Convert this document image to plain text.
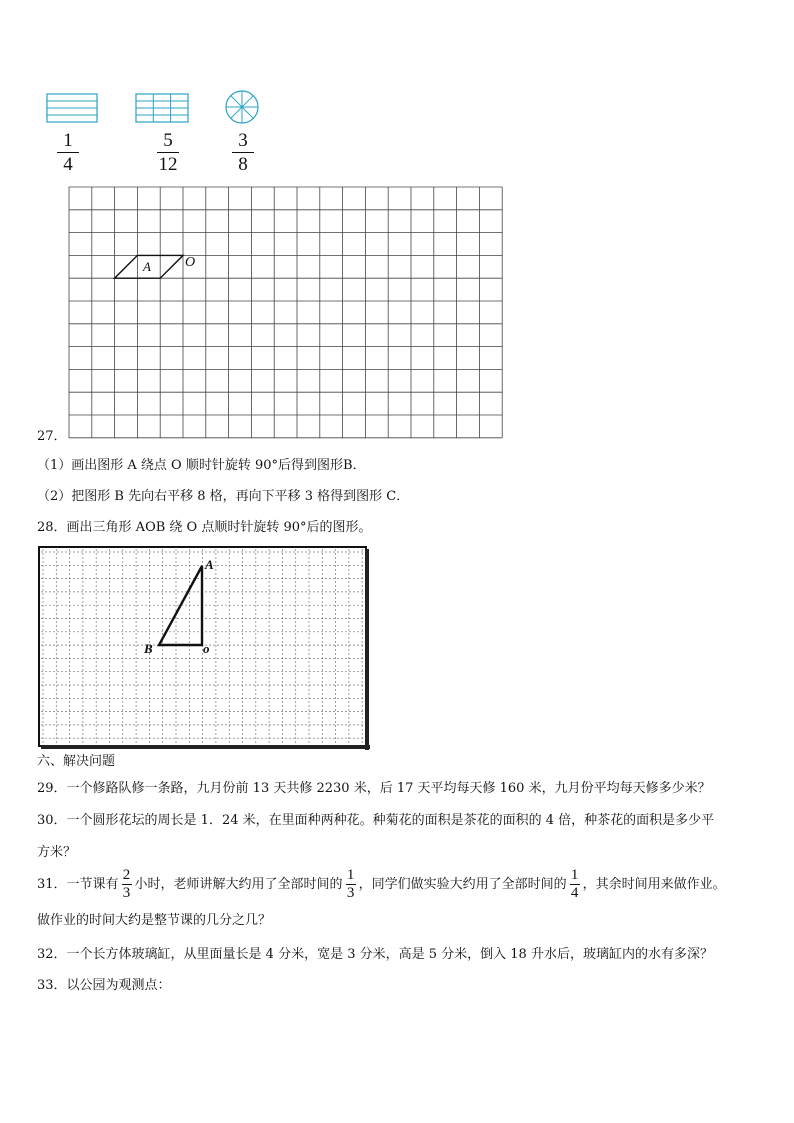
1
4
5
12
3
8
A O
27．
（1）画出图形 A 绕点 O 顺时针旋转 90°后得到图形B．
（2）把图形 B 先向右平移 8 格，再向下平移 3 格得到图形 C．
28．画出三角形 AOB 绕 O 点顺时针旋转 90°后的图形。
A
B	o
六、解决问题
29．一个修路队修一条路，九月份前 13 天共修 2230 米，后 17 天平均每天修 160 米，九月份平均每天修多少米？
30．一个圆形花坛的周长是 1．24 米，在里面种两种花。种菊花的面积是茶花的面积的 4 倍，种茶花的面积是多少平
方米？
31．一节课有 $\frac{2}{3}$ 小时，老师讲解大约用了全部时间的 $\frac{1}{3}$ ，同学们做实验大约用了全部时间的 $\frac{1}{4}$ ，其余时间用来做作业。
做作业的时间大约是整节课的几分之几？
32．一个长方体玻璃缸，从里面量长是 4 分米，宽是 3 分米，高是 5 分米，倒入 18 升水后，玻璃缸内的水有多深？
33．以公园为观测点：
